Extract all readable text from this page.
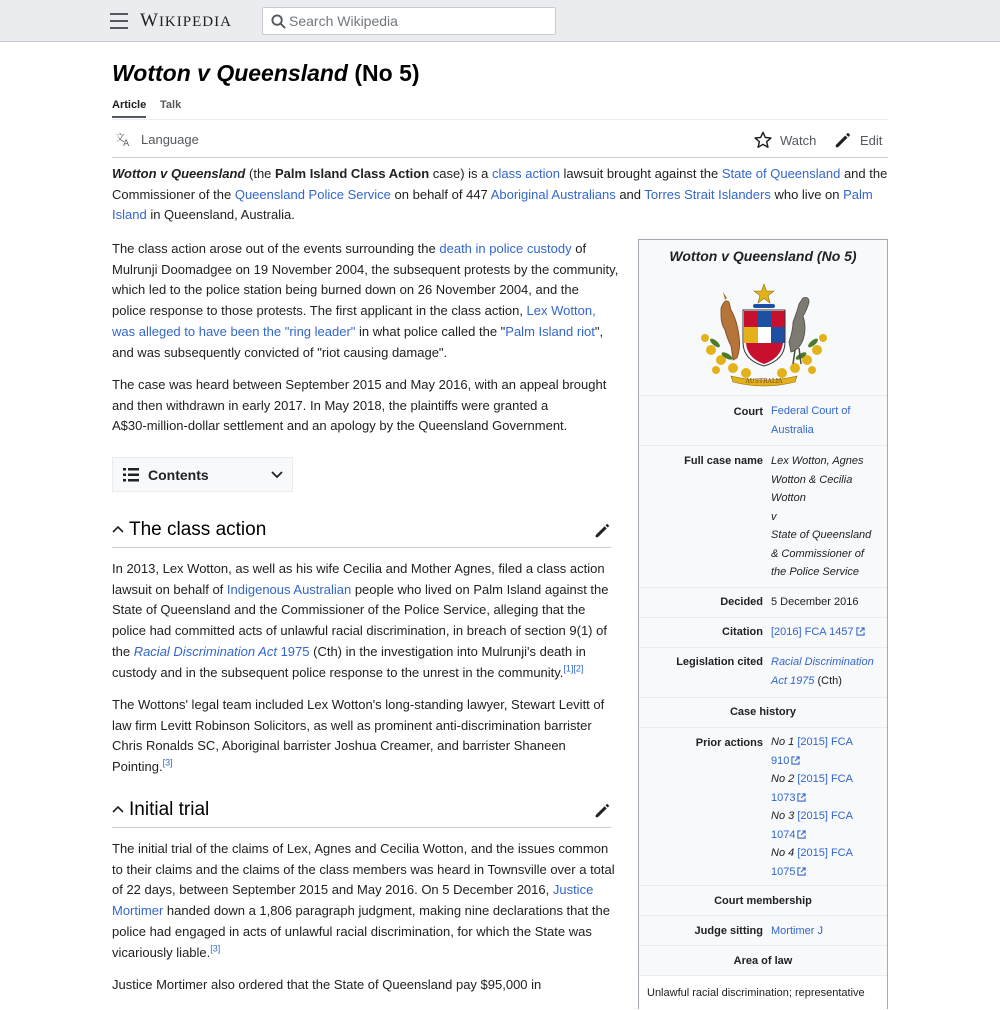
WIKIPEDIA
Search Wikipedia
Wotton v Queensland (No 5)
Article Talk
文
A Language	Watch	Edit
Wotton v Queensland (the Palm Island Class Action case) is a class action lawsuit brought against the State of Queensland and the
Commissioner of the Queensland Police Service on behalf of 447 Aboriginal Australians and Torres Strait Islanders who live on Palm
Island in Queensland, Australia.
The class action arose out of the events surrounding the death in police custody of
Mulrunji Doomadgee on 19 November 2004, the subsequent protests by the community,
which led to the police station being burned down on 26 November 2004, and the
police response to those protests. The first applicant in the class action, Lex Wotton,
was alleged to have been the "ring leader" in what police called the "Palm Island riot",
and was subsequently convicted of "riot causing damage".
The case was heard between September 2015 and May 2016, with an appeal brought
and then withdrawn in early 2017. In May 2018, the plaintiffs were granted a
A$30-million-dollar settlement and an apology by the Queensland Government.
Contents
The class action
In 2013, Lex Wotton, as well as his wife Cecilia and Mother Agnes, filed a class action
lawsuit on behalf of Indigenous Australian people who lived on Palm Island against the
State of Queensland and the Commissioner of the Police Service, alleging that the
police had committed acts of unlawful racial discrimination, in breach of section 9(1) of
the Racial Discrimination Act 1975 (Cth) in the investigation into Mulrunji's death in
custody and in the subsequent police response to the unrest in the community.[1][2]
The Wottons' legal team included Lex Wotton's long-standing lawyer, Stewart Levitt of
law firm Levitt Robinson Solicitors, as well as prominent anti-discrimination barrister
Chris Ronalds SC, Aboriginal barrister Joshua Creamer, and barrister Shaneen
Pointing.[3]
Initial trial
The initial trial of the claims of Lex, Agnes and Cecilia Wotton, and the issues common
to their claims and the claims of the class members was heard in Townsville over a total
of 22 days, between September 2015 and May 2016. On 5 December 2016, Justice
Mortimer handed down a 1,806 paragraph judgment, making nine declarations that the
police had engaged in acts of unlawful racial discrimination, for which the State was
vicariously liable.[3]
Justice Mortimer also ordered that the State of Queensland pay $95,000 in
Wotton v Queensland (No 5)
AUSTRALIA
Court Federal Court of
Australia
Full case name Lex Wotton, Agnes
Wotton & Cecilia
Wotton
v
State of Queensland
& Commissioner of
the Police Service
Decided 5 December 2016
Citation [2016] FCA 1457
Legislation cited Racial Discrimination
Act 1975 (Cth)
Case history
Prior actions No 1 [2015] FCA
910
No 2 [2015] FCA
1073
No 3 [2015] FCA
1074
No 4 [2015] FCA
1075
Court membership
Judge sitting Mortimer J
Area of law
Unlawful racial discrimination; representative
